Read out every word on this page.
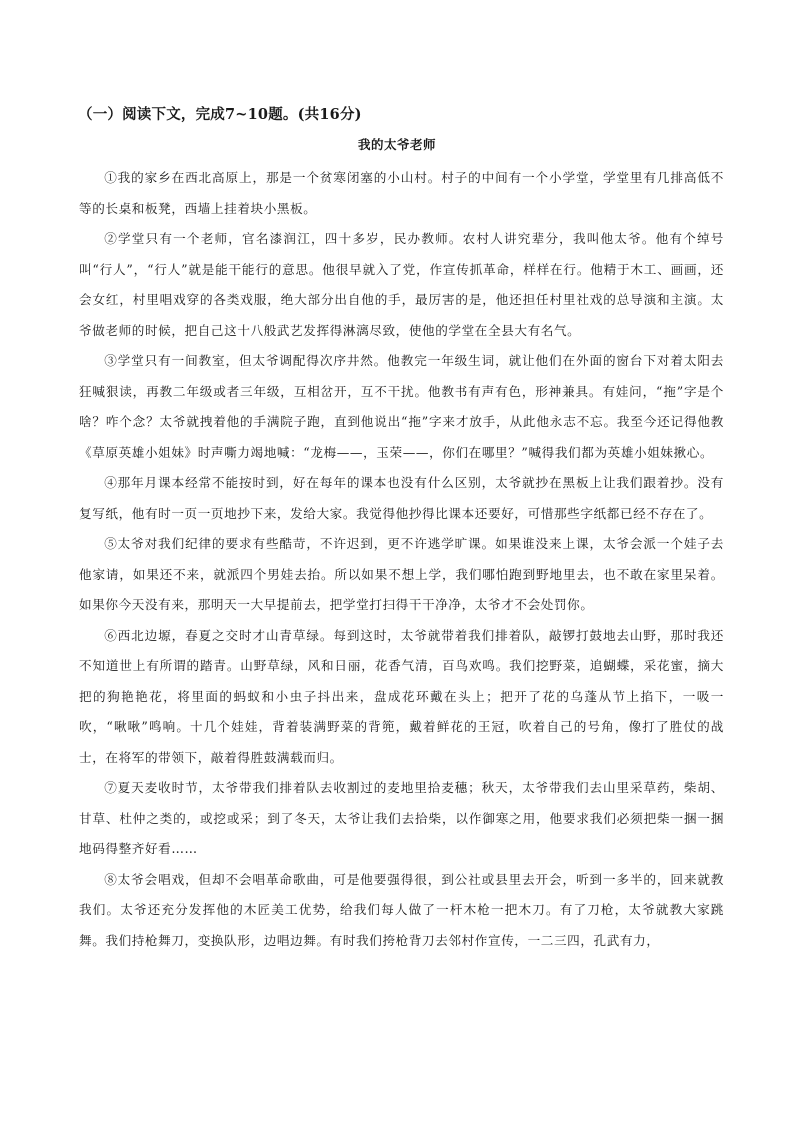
（一）阅读下文，完成7~10题。(共16分)
我的太爷老师

①我的家乡在西北高原上，那是一个贫寒闭塞的小山村。村子的中间有一个小学堂，学堂里有几排高低不等的长桌和板凳，西墙上挂着块小黑板。

②学堂只有一个老师，官名漆润江，四十多岁，民办教师。农村人讲究辈分，我叫他太爷。他有个绰号叫“行人”，“行人”就是能干能行的意思。他很早就入了党，作宣传抓革命，样样在行。他精于木工、画画，还会女红，村里唱戏穿的各类戏服，绝大部分出自他的手，最厉害的是，他还担任村里社戏的总导演和主演。太爷做老师的时候，把自己这十八般武艺发挥得淋漓尽致，使他的学堂在全县大有名气。

③学堂只有一间教室，但太爷调配得次序井然。他教完一年级生词，就让他们在外面的窗台下对着太阳去狂喊狠读，再教二年级或者三年级，互相岔开，互不干扰。他教书有声有色，形神兼具。有娃问，“拖”字是个啥？咋个念？太爷就拽着他的手满院子跑，直到他说出“拖”字来才放手，从此他永志不忘。我至今还记得他教《草原英雄小姐妹》时声嘶力竭地喊：“龙梅——，玉荣——，你们在哪里？”喊得我们都为英雄小姐妹揪心。

④那年月课本经常不能按时到，好在每年的课本也没有什么区别，太爷就抄在黑板上让我们跟着抄。没有复写纸，他有时一页一页地抄下来，发给大家。我觉得他抄得比课本还要好，可惜那些字纸都已经不存在了。

⑤太爷对我们纪律的要求有些酷苛，不许迟到，更不许逃学旷课。如果谁没来上课，太爷会派一个娃子去他家请，如果还不来，就派四个男娃去抬。所以如果不想上学，我们哪怕跑到野地里去，也不敢在家里呆着。如果你今天没有来，那明天一大早提前去，把学堂打扫得干干净净，太爷才不会处罚你。

⑥西北边塬，春夏之交时才山青草绿。每到这时，太爷就带着我们排着队，敲锣打鼓地去山野，那时我还不知道世上有所谓的踏青。山野草绿，风和日丽，花香气清，百鸟欢鸣。我们挖野菜，追蝴蝶，采花蜜，摘大把的狗艳艳花，将里面的蚂蚁和小虫子抖出来，盘成花环戴在头上；把开了花的乌蓬从节上掐下，一吸一吹，“啾啾”鸣响。十几个娃娃，背着装满野菜的背篼，戴着鲜花的王冠，吹着自己的号角，像打了胜仗的战士，在将军的带领下，敲着得胜鼓满载而归。

⑦夏天麦收时节，太爷带我们排着队去收割过的麦地里拾麦穗；秋天，太爷带我们去山里采草药，柴胡、甘草、杜仲之类的，或挖或采；到了冬天，太爷让我们去拾柴，以作御寒之用，他要求我们必须把柴一捆一捆地码得整齐好看……

⑧太爷会唱戏，但却不会唱革命歌曲，可是他要强得很，到公社或县里去开会，听到一多半的，回来就教我们。太爷还充分发挥他的木匠美工优势，给我们每人做了一杆木枪一把木刀。有了刀枪，太爷就教大家跳舞。我们持枪舞刀，变换队形，边唱边舞。有时我们挎枪背刀去邻村作宣传，一二三四，孔武有力，
